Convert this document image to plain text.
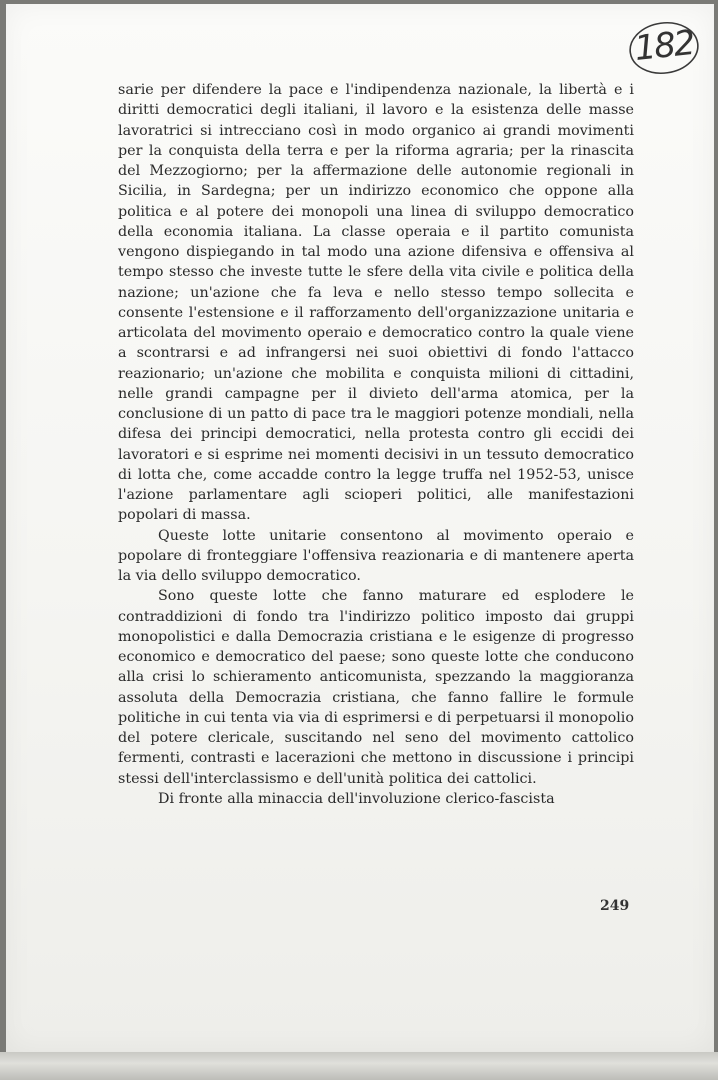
182

sarie per difendere la pace e l'indipendenza nazionale, la libertà e i diritti democratici degli italiani, il lavoro e la esistenza delle masse lavoratrici si intrecciano così in modo organico ai grandi movimenti per la conquista della terra e per la riforma agraria; per la rinascita del Mezzogiorno; per la affermazione delle autonomie regionali in Sicilia, in Sardegna; per un indirizzo economico che oppone alla politica e al potere dei monopoli una linea di sviluppo democratico della economia italiana. La classe operaia e il partito comunista vengono dispiegando in tal modo una azione difensiva e offensiva al tempo stesso che investe tutte le sfere della vita civile e politica della nazione; un'azione che fa leva e nello stesso tempo sollecita e consente l'estensione e il rafforzamento dell'organizzazione unitaria e articolata del movimento operaio e democratico contro la quale viene a scontrarsi e ad infrangersi nei suoi obiettivi di fondo l'attacco reazionario; un'azione che mobilita e conquista milioni di cittadini, nelle grandi campagne per il divieto dell'arma atomica, per la conclusione di un patto di pace tra le maggiori potenze mondiali, nella difesa dei principi democratici, nella protesta contro gli eccidi dei lavoratori e si esprime nei momenti decisivi in un tessuto democratico di lotta che, come accadde contro la legge truffa nel 1952-53, unisce l'azione parlamentare agli scioperi politici, alle manifestazioni popolari di massa.

Queste lotte unitarie consentono al movimento operaio e popolare di fronteggiare l'offensiva reazionaria e di mantenere aperta la via dello sviluppo democratico.

Sono queste lotte che fanno maturare ed esplodere le contraddizioni di fondo tra l'indirizzo politico imposto dai gruppi monopolistici e dalla Democrazia cristiana e le esigenze di progresso economico e democratico del paese; sono queste lotte che conducono alla crisi lo schieramento anticomunista, spezzando la maggioranza assoluta della Democrazia cristiana, che fanno fallire le formule politiche in cui tenta via via di esprimersi e di perpetuarsi il monopolio del potere clericale, suscitando nel seno del movimento cattolico fermenti, contrasti e lacerazioni che mettono in discussione i principi stessi dell'interclassismo e dell'unità politica dei cattolici.

Di fronte alla minaccia dell'involuzione clerico-fascista

249
